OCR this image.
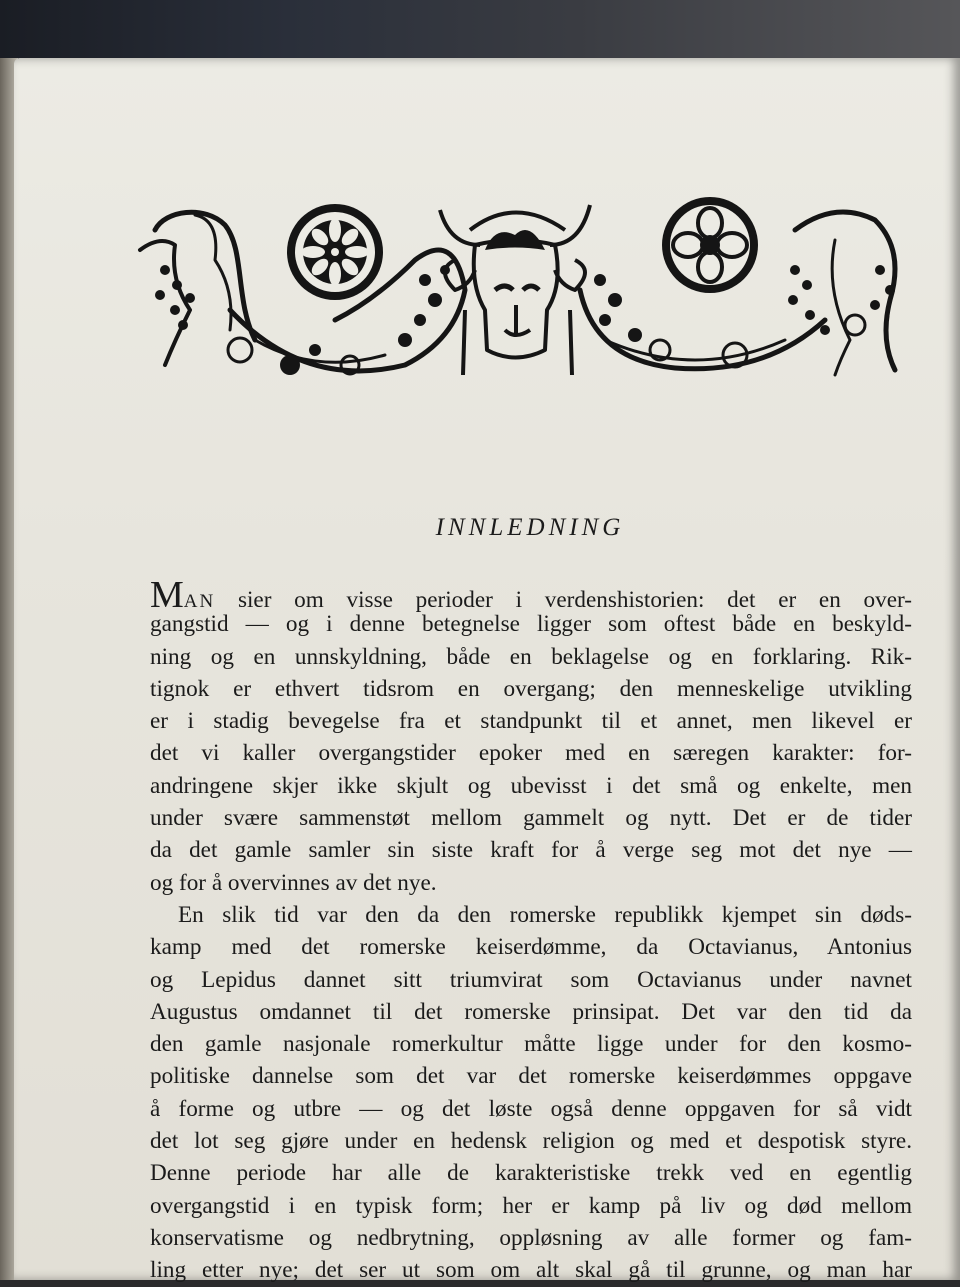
INNLEDNING
MAN sier om visse perioder i verdenshistorien: det er en over-
gangstid — og i denne betegnelse ligger som oftest både en beskyld-
ning og en unnskyldning, både en beklagelse og en forklaring. Rik-
tignok er ethvert tidsrom en overgang; den menneskelige utvikling
er i stadig bevegelse fra et standpunkt til et annet, men likevel er
det vi kaller overgangstider epoker med en særegen karakter: for-
andringene skjer ikke skjult og ubevisst i det små og enkelte, men
under svære sammenstøt mellom gammelt og nytt. Det er de tider
da det gamle samler sin siste kraft for å verge seg mot det nye —
og for å overvinnes av det nye.
En slik tid var den da den romerske republikk kjempet sin døds-
kamp med det romerske keiserdømme, da Octavianus, Antonius
og Lepidus dannet sitt triumvirat som Octavianus under navnet
Augustus omdannet til det romerske prinsipat. Det var den tid da
den gamle nasjonale romerkultur måtte ligge under for den kosmo-
politiske dannelse som det var det romerske keiserdømmes oppgave
å forme og utbre — og det løste også denne oppgaven for så vidt
det lot seg gjøre under en hedensk religion og med et despotisk styre.
Denne periode har alle de karakteristiske trekk ved en egentlig
overgangstid i en typisk form; her er kamp på liv og død mellom
konservatisme og nedbrytning, oppløsning av alle former og fam-
ling etter nye; det ser ut som om alt skal gå til grunne, og man har
